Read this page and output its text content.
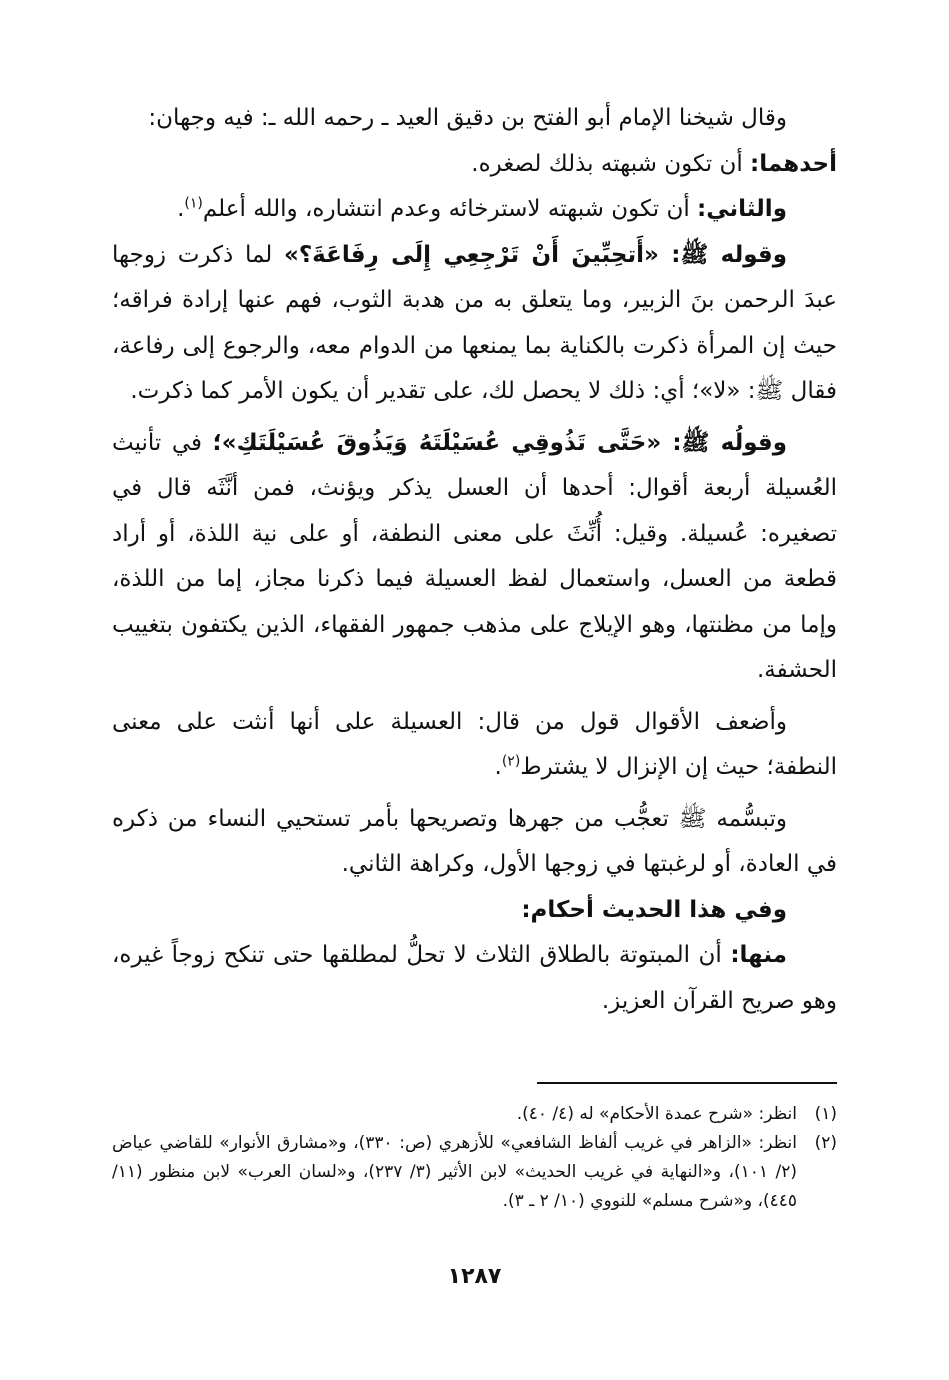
وقال شيخنا الإمام أبو الفتح بن دقيق العيد ـ رحمه الله ـ: فيه وجهان:

أحدهما: أن تكون شبهته بذلك لصغره.

والثاني: أن تكون شبهته لاسترخائه وعدم انتشاره، والله أعلم$^{(١)}$.

وقوله ﷺ: «أَتحِبِّينَ أَنْ تَرْجِعِي إِلَى رِفَاعَةَ؟» لما ذكرت زوجها عبدَ الرحمن بنَ الزبير، وما يتعلق به من هدبة الثوب، فهم عنها إرادة فراقه؛ حيث إن المرأة ذكرت بالكناية بما يمنعها من الدوام معه، والرجوع إلى رفاعة، فقال ﷺ: «لا»؛ أي: ذلك لا يحصل لك، على تقدير أن يكون الأمر كما ذكرت.

وقولُه ﷺ: «حَتَّى تَذُوقِي عُسَيْلَتَهُ وَيَذُوقَ عُسَيْلَتَكِ»؛ في تأنيث العُسيلة أربعة أقوال: أحدها أن العسل يذكر ويؤنث، فمن أنَّثَه قال في تصغيره: عُسيلة. وقيل: أُنِّثَ على معنى النطفة، أو على نية اللذة، أو أراد قطعة من العسل، واستعمال لفظ العسيلة فيما ذكرنا مجاز، إما من اللذة، وإما من مظنتها، وهو الإيلاج على مذهب جمهور الفقهاء، الذين يكتفون بتغييب الحشفة.

وأضعف الأقوال قول من قال: العسيلة على أنها أنثت على معنى النطفة؛ حيث إن الإنزال لا يشترط$^{(٢)}$.

وتبسُّمه ﷺ تعجُّب من جهرها وتصريحها بأمر تستحيي النساء من ذكره في العادة، أو لرغبتها في زوجها الأول، وكراهة الثاني.

وفي هذا الحديث أحكام:

منها: أن المبتوتة بالطلاق الثلاث لا تحلُّ لمطلقها حتى تنكح زوجاً غيره، وهو صريح القرآن العزيز.

(١)
انظر: «شرح عمدة الأحكام» له (٤/ ٤٠).
(٢)
انظر: «الزاهر في غريب ألفاظ الشافعي» للأزهري (ص: ٣٣٠)، و«مشارق الأنوار» للقاضي عياض (٢/ ١٠١)، و«النهاية في غريب الحديث» لابن الأثير (٣/ ٢٣٧)، و«لسان العرب» لابن منظور (١١/ ٤٤٥)، و«شرح مسلم» للنووي (١٠/ ٢ ـ ٣).
١٢٨٧
